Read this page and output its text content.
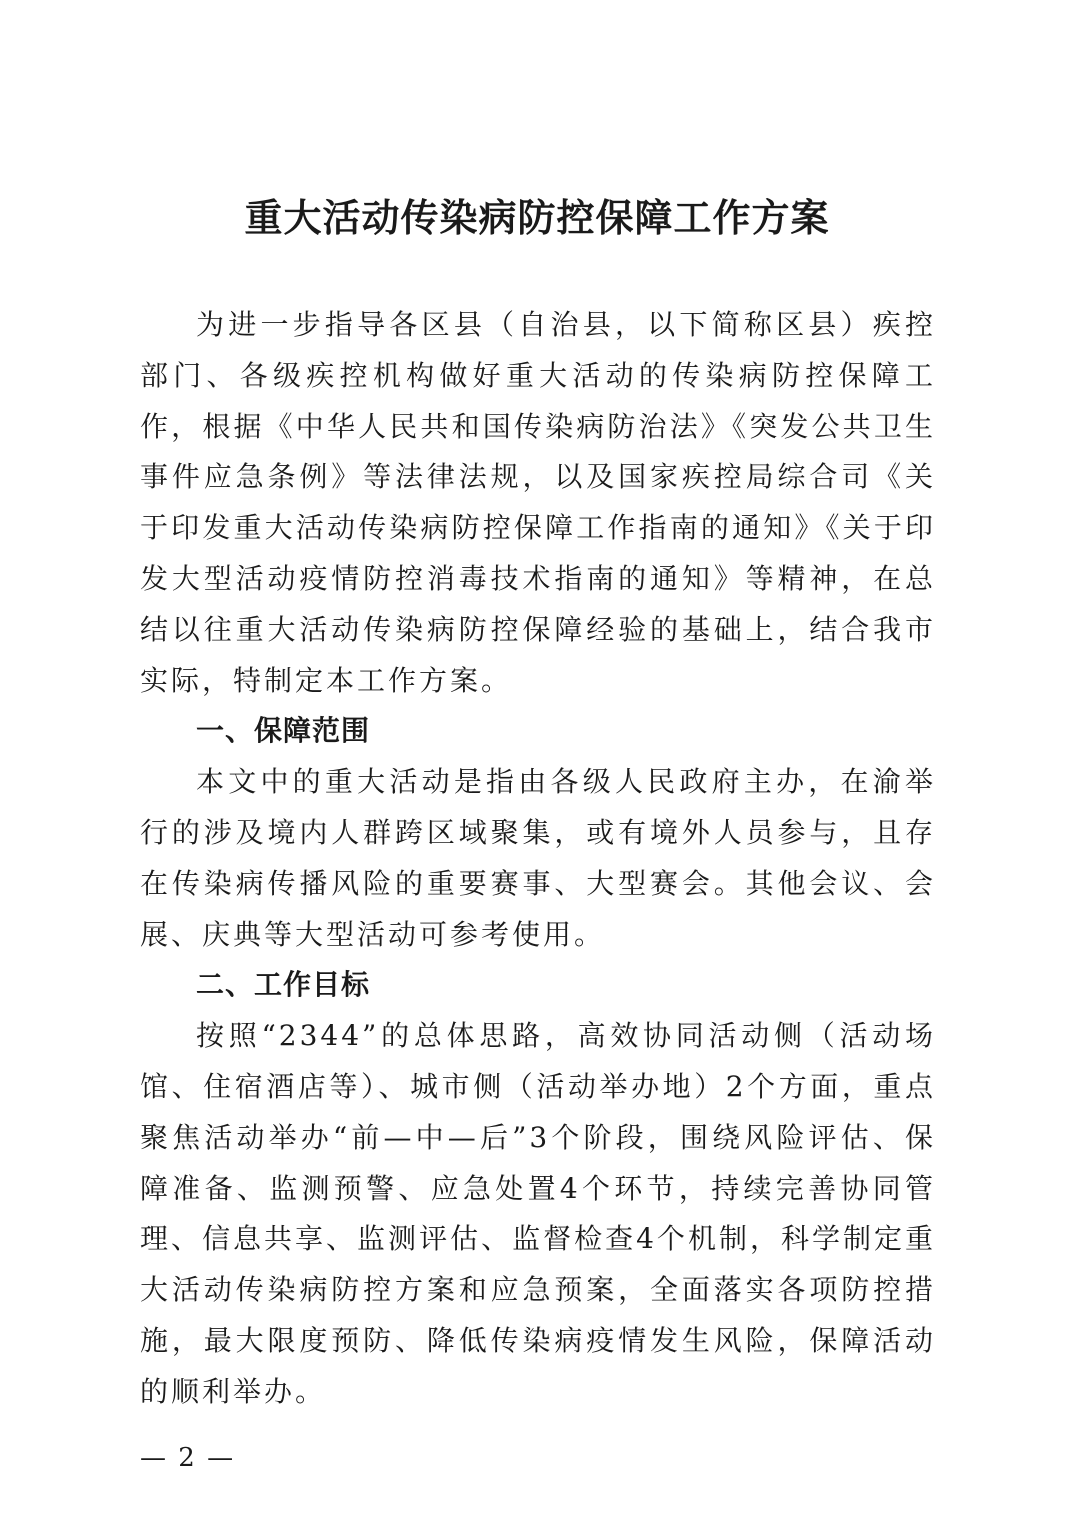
重大活动传染病防控保障工作方案

为进一步指导各区县（自治县，以下简称区县）疾控部门、各级疾控机构做好重大活动的传染病防控保障工作，根据《中华人民共和国传染病防治法》《突发公共卫生事件应急条例》等法律法规，以及国家疾控局综合司《关于印发重大活动传染病防控保障工作指南的通知》《关于印发大型活动疫情防控消毒技术指南的通知》等精神，在总结以往重大活动传染病防控保障经验的基础上，结合我市实际，特制定本工作方案。

一、保障范围

本文中的重大活动是指由各级人民政府主办，在渝举行的涉及境内人群跨区域聚集，或有境外人员参与，且存在传染病传播风险的重要赛事、大型赛会。其他会议、会展、庆典等大型活动可参考使用。

二、工作目标

按照“2344”的总体思路，高效协同活动侧（活动场馆、住宿酒店等）、城市侧（活动举办地）2个方面，重点聚焦活动举办“前—中—后”3个阶段，围绕风险评估、保障准备、监测预警、应急处置4个环节，持续完善协同管理、信息共享、监测评估、监督检查4个机制，科学制定重大活动传染病防控方案和应急预案，全面落实各项防控措施，最大限度预防、降低传染病疫情发生风险，保障活动的顺利举办。

— 2 —
